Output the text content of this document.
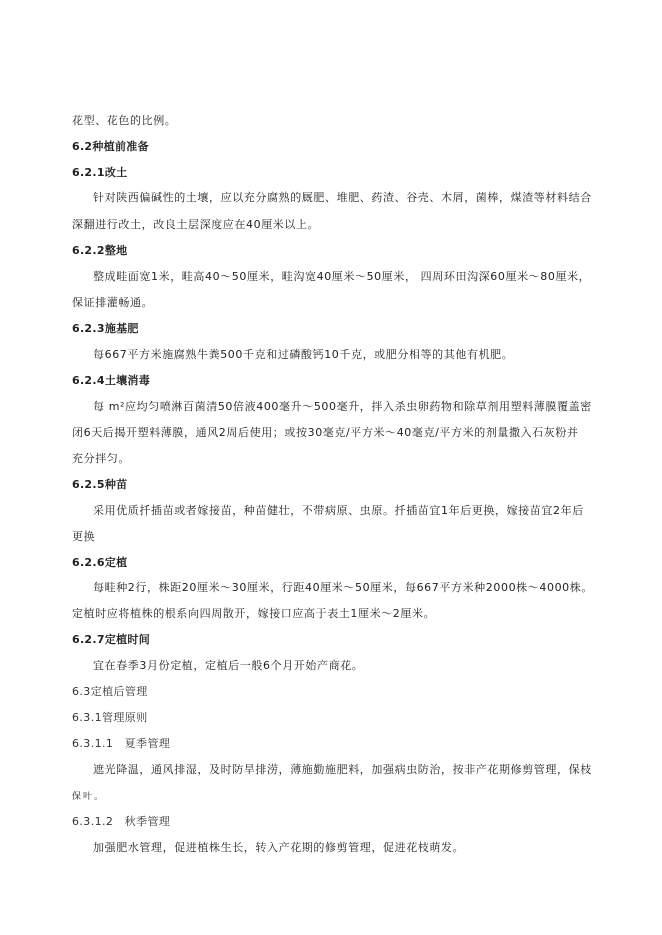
花型、花色的比例。

6.2种植前准备

6.2.1改土

针对陕西偏碱性的土壤，应以充分腐熟的厩肥、堆肥、药渣、谷壳、木屑，菌棒，煤渣等材料结合

深翻进行改土，改良土层深度应在40厘米以上。

6.2.2整地

整成畦面宽1米，畦高40～50厘米，畦沟宽40厘米～50厘米， 四周环田沟深60厘米～80厘米，

保证排灌畅通。

6.2.3施基肥

每667平方米施腐熟牛粪500千克和过磷酸钙10千克，或肥分相等的其他有机肥。

6.2.4土壤消毒

每 m²应均匀喷淋百菌清50倍液400毫升～500毫升，拌入杀虫卵药物和除草剂用塑料薄膜覆盖密

闭6天后揭开塑料薄膜，通风2周后使用；或按30毫克/平方米～40毫克/平方米的剂量撒入石灰粉并

充分拌匀。

6.2.5种苗

采用优质扦插苗或者嫁接苗，种苗健壮，不带病原、虫原。扦插苗宜1年后更换，嫁接苗宜2年后

更换

6.2.6定植

每畦种2行，株距20厘米～30厘米，行距40厘米～50厘米，每667平方米种2000株～4000株。

定植时应将植株的根系向四周散开，嫁接口应高于表土1厘米～2厘米。

6.2.7定植时间

宜在春季3月份定植，定植后一般6个月开始产商花。

6.3定植后管理

6.3.1管理原则

6.3.1.1　夏季管理

遮光降温，通风排湿，及时防旱排涝，薄施勤施肥料，加强病虫防治，按非产花期修剪管理，保枝

保叶。

6.3.1.2　秋季管理

加强肥水管理，促进植株生长，转入产花期的修剪管理，促进花枝萌发。
